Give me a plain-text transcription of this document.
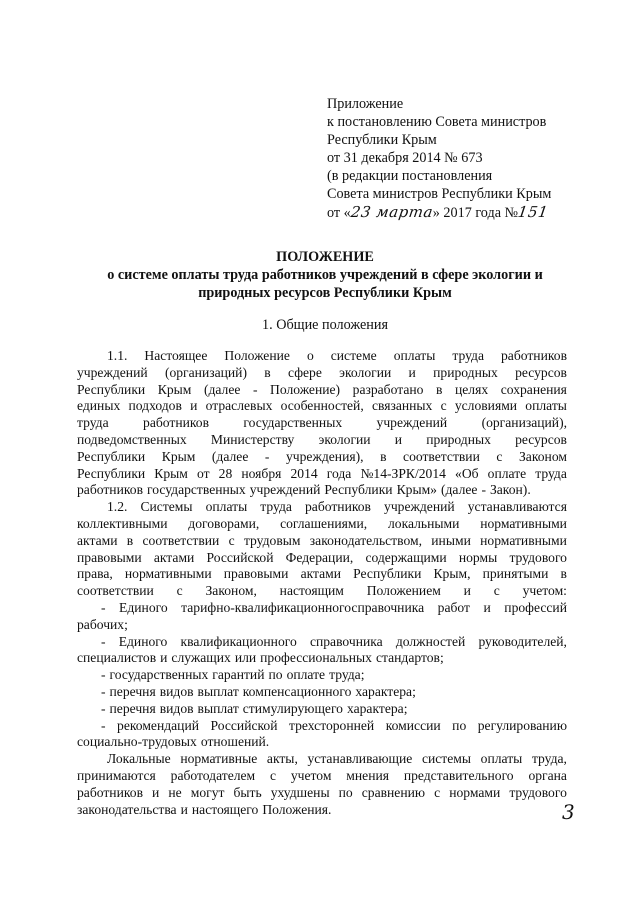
Приложение
к постановлению Совета министров
Республики Крым
от 31 декабря 2014 № 673
(в редакции постановления
Совета министров Республики Крым
от «23 марта» 2017 года №151
ПОЛОЖЕНИЕ
о системе оплаты труда работников учреждений в сфере экологии и
природных ресурсов Республики Крым
1. Общие положения
1.1. Настоящее Положение о системе оплаты труда работников
учреждений (организаций) в сфере экологии и природных ресурсов
Республики Крым (далее - Положение) разработано в целях сохранения
единых подходов и отраслевых особенностей, связанных с условиями оплаты
труда	работников	государственных	учреждений	(организаций),
подведомственных Министерству экологии и природных ресурсов
Республики Крым (далее - учреждения), в соответствии с Законом
Республики Крым от 28 ноября 2014 года №14-ЗРК/2014 «Об оплате труда
работников государственных учреждений Республики Крым» (далее - Закон).
1.2. Системы оплаты труда работников учреждений устанавливаются
коллективными договорами, соглашениями, локальными нормативными
актами в соответствии с трудовым законодательством, иными нормативными
правовыми актами Российской Федерации, содержащими нормы трудового
права, нормативными правовыми актами Республики Крым, принятыми в
соответствии с Законом, настоящим Положением и с учетом:
- Единого тарифно-квалификационногосправочника работ и профессий
рабочих;
- Единого квалификационного справочника должностей руководителей,
специалистов и служащих или профессиональных стандартов;
- государственных гарантий по оплате труда;
- перечня видов выплат компенсационного характера;
- перечня видов выплат стимулирующего характера;
- рекомендаций Российской трехсторонней комиссии по регулированию
социально-трудовых отношений.
Локальные нормативные акты, устанавливающие системы оплаты труда,
принимаются работодателем с учетом мнения представительного органа
работников и не могут быть ухудшены по сравнению с нормами трудового
законодательства и настоящего Положения.	3
